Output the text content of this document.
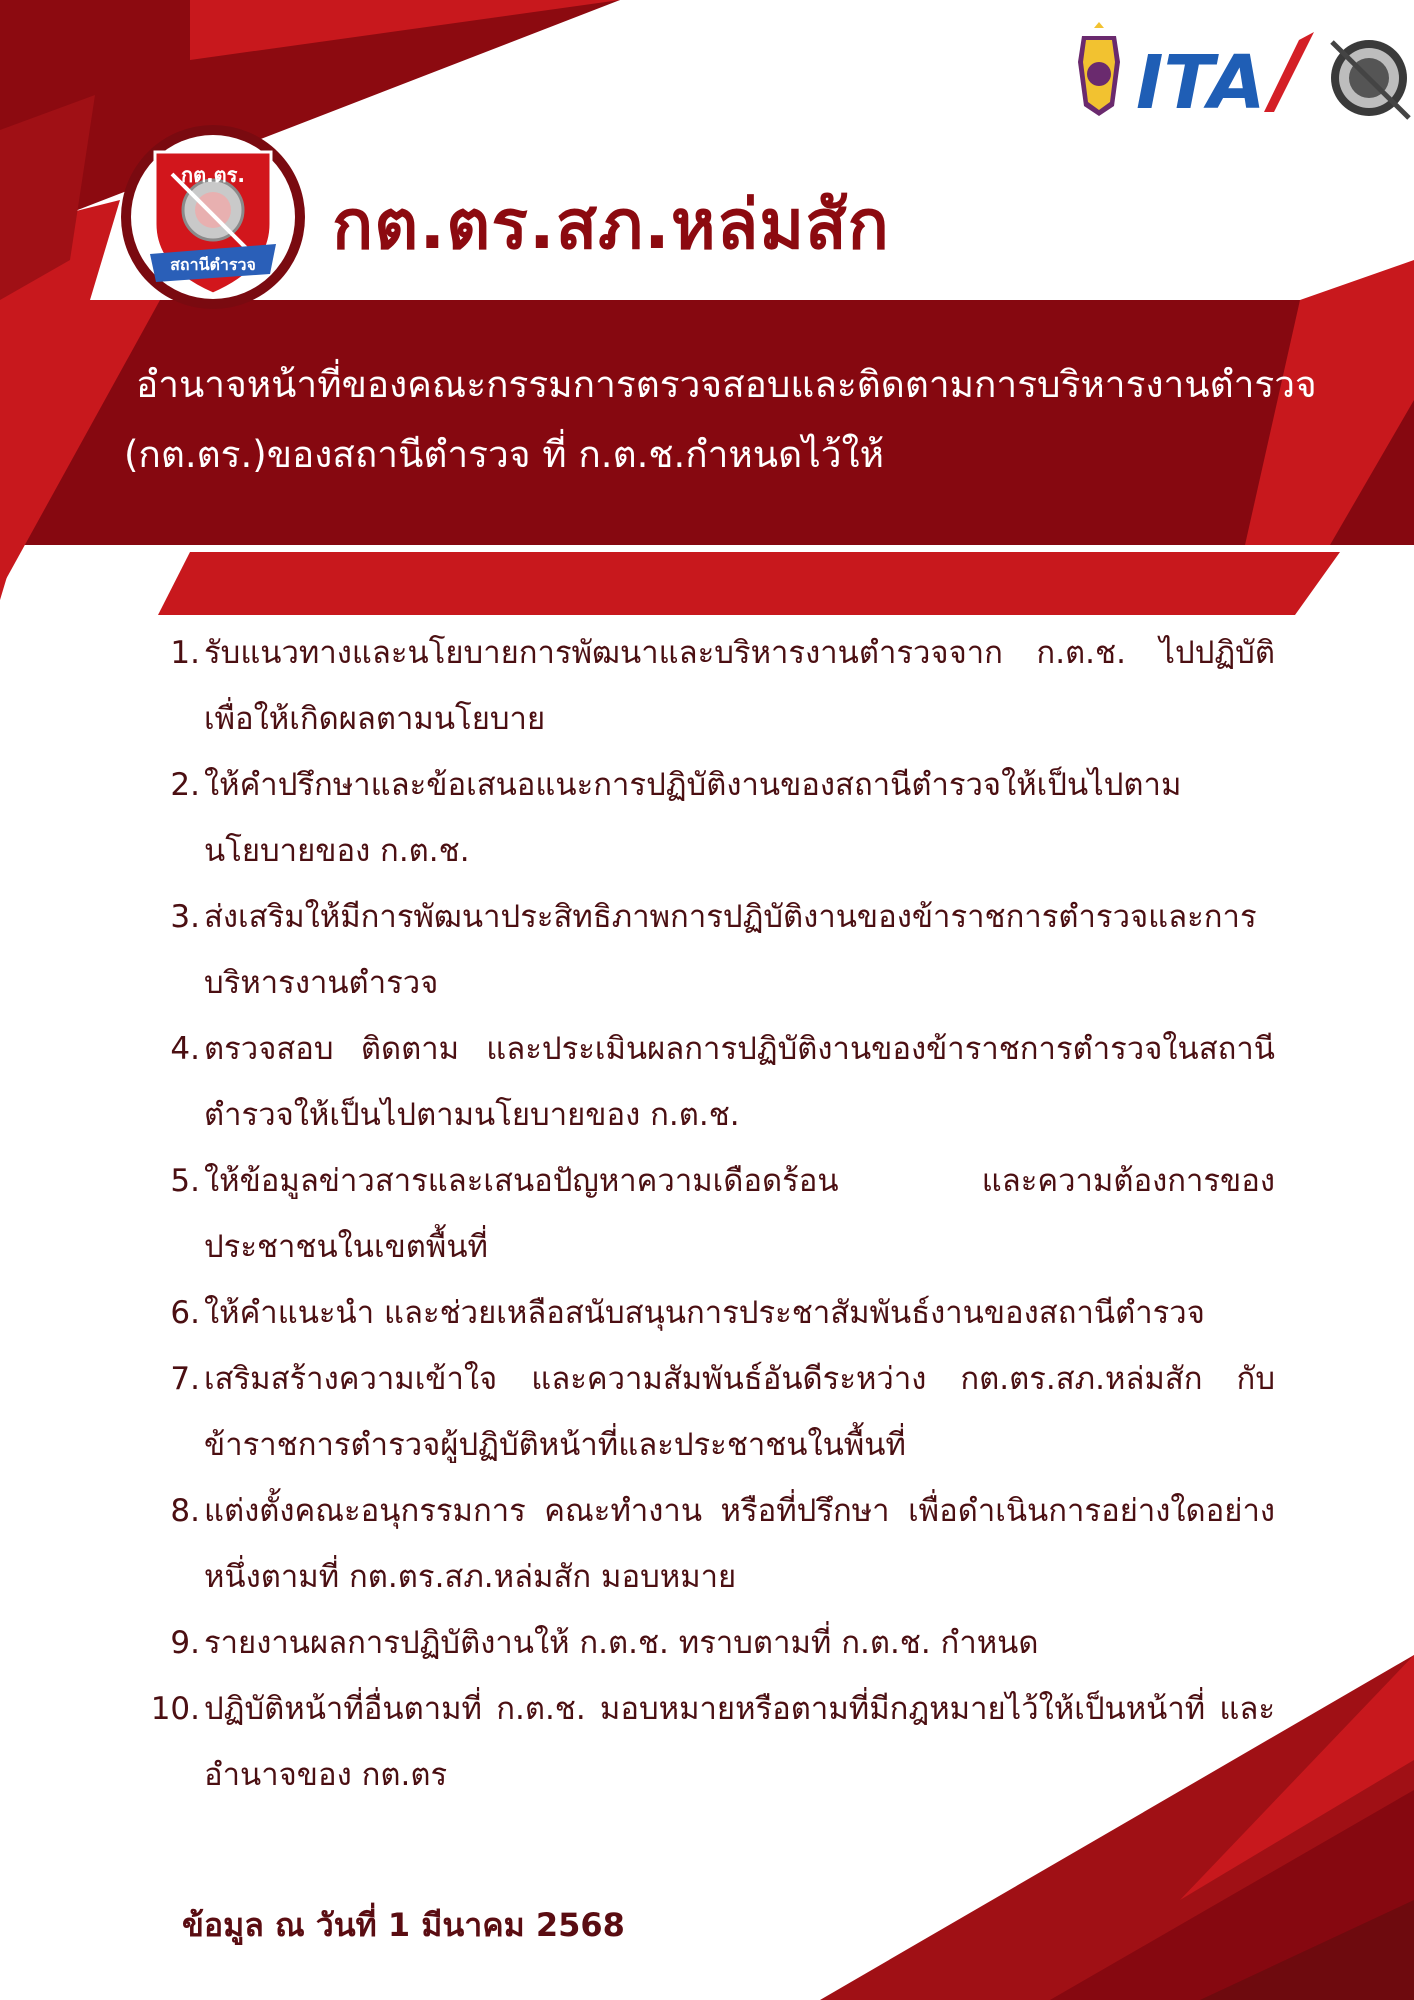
ITA
กต.ตร.
สถานีตำรวจ กต.ตร.สภ.หล่มสัก
อำนาจหน้าที่ของคณะกรรมการตรวจสอบและติดตามการบริหารงานตำรวจ
(กต.ตร.)ของสถานีตำรวจ ที่ ก.ต.ช.กำหนดไว้ให้
1. รับแนวทางและนโยบายการพัฒนาและบริหารงานตำรวจจาก ก.ต.ช. ไปปฏิบัติเพื่อให้เกิดผลตามนโยบาย
2. ให้คำปรึกษาและข้อเสนอแนะการปฏิบัติงานของสถานีตำรวจให้เป็นไปตามนโยบายของ ก.ต.ช.
3. ส่งเสริมให้มีการพัฒนาประสิทธิภาพการปฏิบัติงานของข้าราชการตำรวจและการบริหารงานตำรวจ
4. ตรวจสอบ ติดตาม และประเมินผลการปฏิบัติงานของข้าราชการตำรวจในสถานีตำรวจให้เป็นไปตามนโยบายของ ก.ต.ช.
5. ให้ข้อมูลข่าวสารและเสนอปัญหาความเดือดร้อน และความต้องการของประชาชนในเขตพื้นที่
6. ให้คำแนะนำ และช่วยเหลือสนับสนุนการประชาสัมพันธ์งานของสถานีตำรวจ
7. เสริมสร้างความเข้าใจ และความสัมพันธ์อันดีระหว่าง กต.ตร.สภ.หล่มสัก กับข้าราชการตำรวจผู้ปฏิบัติหน้าที่และประชาชนในพื้นที่
8. แต่งตั้งคณะอนุกรรมการ คณะทำงาน หรือที่ปรึกษา เพื่อดำเนินการอย่างใดอย่างหนึ่งตามที่ กต.ตร.สภ.หล่มสัก มอบหมาย
9. รายงานผลการปฏิบัติงานให้ ก.ต.ช. ทราบตามที่ ก.ต.ช. กำหนด
10. ปฏิบัติหน้าที่อื่นตามที่ ก.ต.ช. มอบหมายหรือตามที่มีกฎหมายไว้ให้เป็นหน้าที่ และอำนาจของ กต.ตร
ข้อมูล ณ วันที่ 1 มีนาคม 2568
